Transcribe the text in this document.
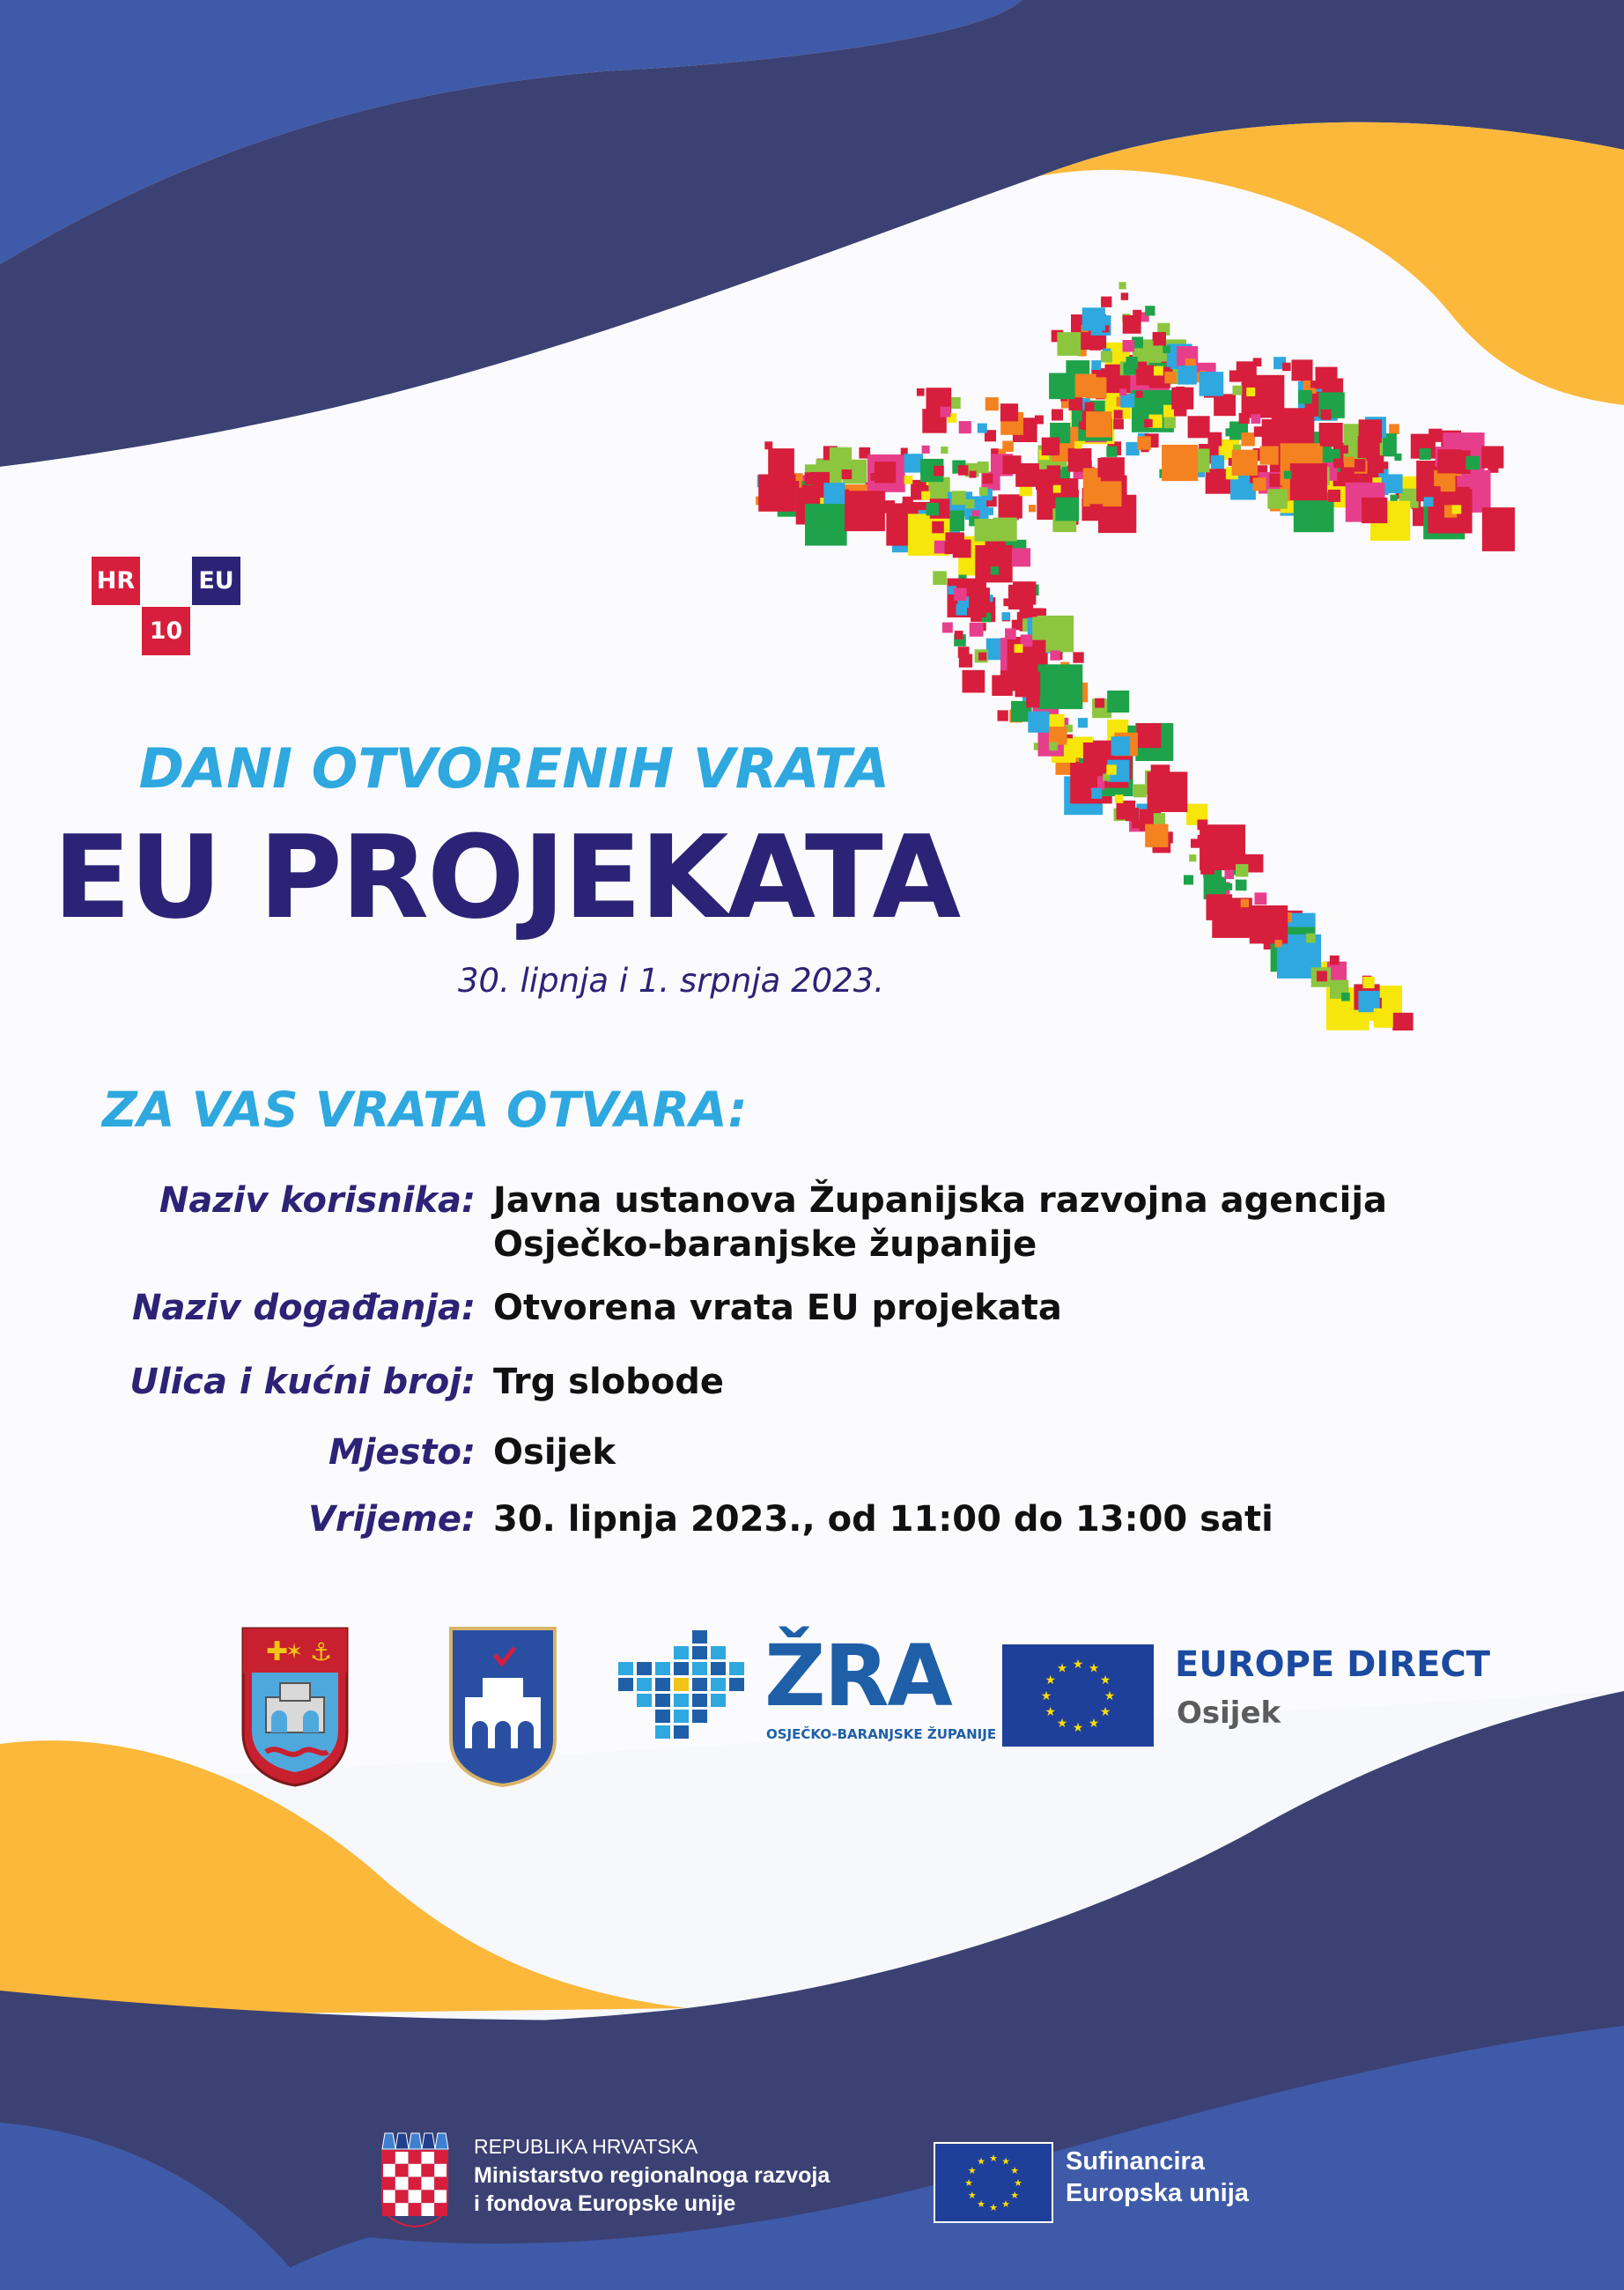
HR
10
EU
DANI OTVORENIH VRATA
EU PROJEKATA
30. lipnja i 1. srpnja 2023.
ZA VAS VRATA OTVARA:
Naziv korisnika: Javna ustanova Županijska razvojna agencija Osječko-baranjske županije
Naziv događanja: Otvorena vrata EU projekata
Ulica i kućni broj: Trg slobode
Mjesto: Osijek
Vrijeme: 30. lipnja 2023., od 11:00 do 13:00 sati
✚
✶ ⚓	ŽRA
OSJEČKO-BARANJSKE ŽUPANIJE
★
★
★
★
★
★
★
★
★ ★ ★
★ EUROPE DIRECT
Osijek
REPUBLIKA HRVATSKA
Ministarstvo regionalnoga razvoja
i fondova Europske unije
★
★
★
★
★
★
★
★
★ ★ ★
★ Sufinancira
Europska unija
